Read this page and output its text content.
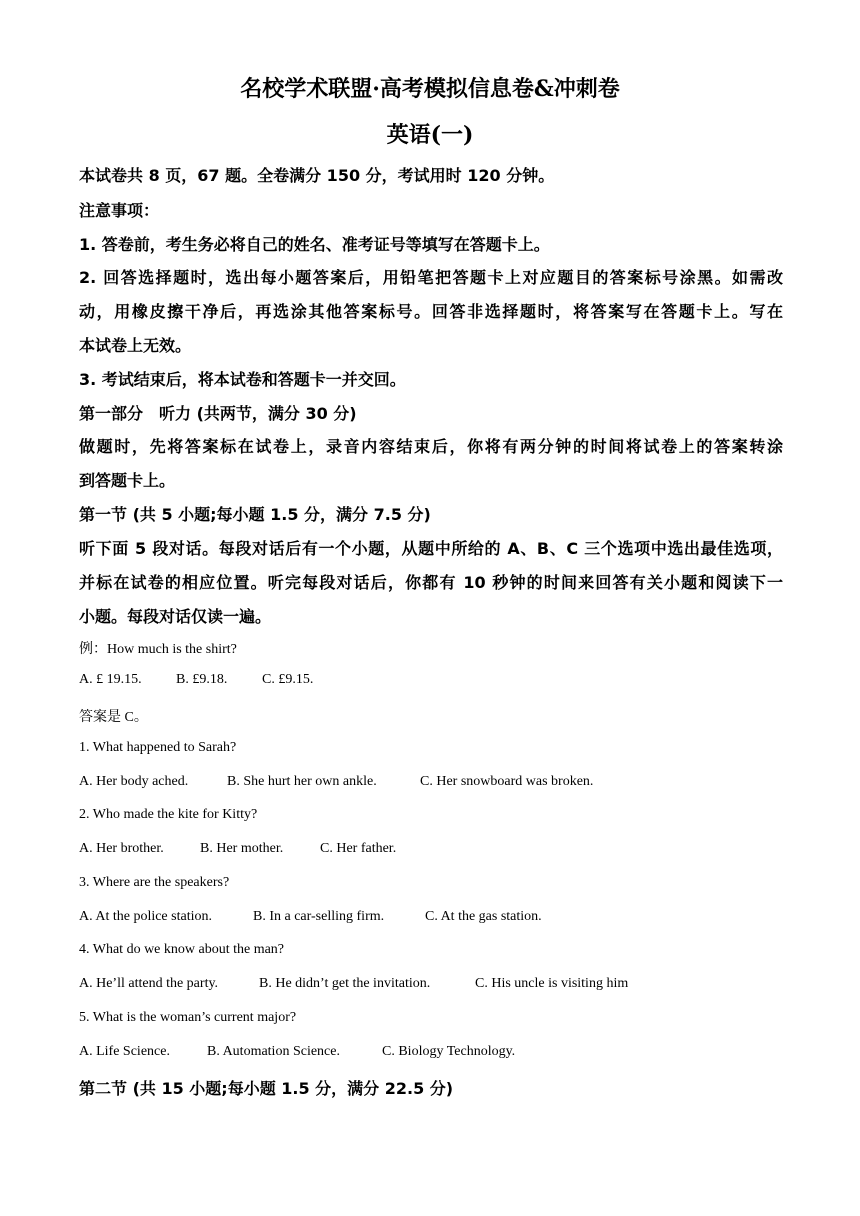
名校学术联盟·高考模拟信息卷&冲刺卷
英语(一)
本试卷共 8 页，67 题。全卷满分 150 分，考试用时 120 分钟。
注意事项：
1. 答卷前，考生务必将自己的姓名、准考证号等填写在答题卡上。
2. 回答选择题时，选出每小题答案后，用铅笔把答题卡上对应题目的答案标号涂黑。如需改
动，用橡皮擦干净后，再选涂其他答案标号。回答非选择题时，将答案写在答题卡上。写在
本试卷上无效。
3. 考试结束后，将本试卷和答题卡一并交回。
第一部分　听力 (共两节，满分 30 分)
做题时，先将答案标在试卷上，录音内容结束后，你将有两分钟的时间将试卷上的答案转涂
到答题卡上。
第一节 (共 5 小题;每小题 1.5 分，满分 7.5 分)
听下面 5 段对话。每段对话后有一个小题，从题中所给的 A、B、C 三个选项中选出最佳选项，
并标在试卷的相应位置。听完每段对话后，你都有 10 秒钟的时间来回答有关小题和阅读下一
小题。每段对话仅读一遍。
例：How much is the shirt?
A. £ 19.15. B. £9.18. C. £9.15.
答案是 C。
1. What happened to Sarah?
A. Her body ached.	B. She hurt her own ankle.	C. Her snowboard was broken.
2. Who made the kite for Kitty?
A. Her brother.	B. Her mother.	C. Her father.
3. Where are the speakers?
A. At the police station.	B. In a car-selling firm.	C. At the gas station.
4. What do we know about the man?
A. He’ll attend the party.	B. He didn’t get the invitation.	C. His uncle is visiting him
5. What is the woman’s current major?
A. Life Science.	B. Automation Science.	C. Biology Technology.
第二节 (共 15 小题;每小题 1.5 分，满分 22.5 分)
